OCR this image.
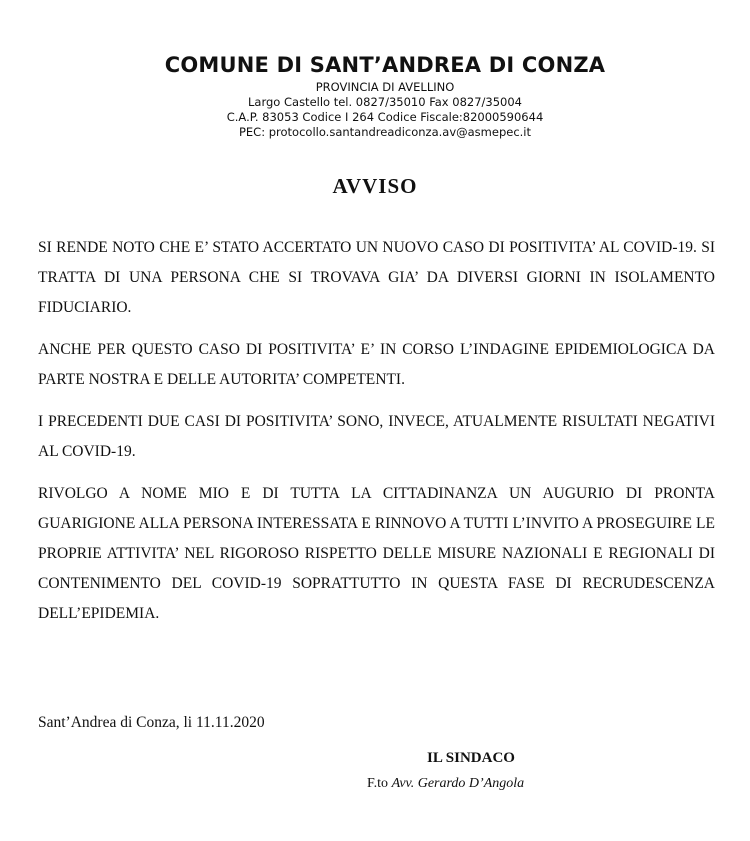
COMUNE DI SANT’ANDREA DI CONZA
PROVINCIA DI AVELLINO
Largo Castello tel. 0827/35010 Fax 0827/35004
C.A.P. 83053 Codice I 264 Codice Fiscale:82000590644
PEC: protocollo.santandreadiconza.av@asmepec.it
AVVISO

SI RENDE NOTO CHE E’ STATO ACCERTATO UN NUOVO CASO DI POSITIVITA’ AL COVID-19. SI TRATTA DI UNA PERSONA CHE SI TROVAVA GIA’ DA DIVERSI GIORNI IN ISOLAMENTO FIDUCIARIO.

ANCHE PER QUESTO CASO DI POSITIVITA’ E’ IN CORSO L’INDAGINE EPIDEMIOLOGICA DA PARTE NOSTRA E DELLE AUTORITA’ COMPETENTI.

I PRECEDENTI DUE CASI DI POSITIVITA’ SONO, INVECE, ATUALMENTE RISULTATI NEGATIVI AL COVID-19.

RIVOLGO A NOME MIO E DI TUTTA LA CITTADINANZA UN AUGURIO DI PRONTA GUARIGIONE ALLA PERSONA INTERESSATA E RINNOVO A TUTTI L’INVITO A PROSEGUIRE LE PROPRIE ATTIVITA’ NEL RIGOROSO RISPETTO DELLE MISURE NAZIONALI E REGIONALI DI CONTENIMENTO DEL COVID-19 SOPRATTUTTO IN QUESTA FASE DI RECRUDESCENZA DELL’EPIDEMIA.

Sant’Andrea di Conza, li 11.11.2020
IL SINDACO
F.to Avv. Gerardo D’Angola
